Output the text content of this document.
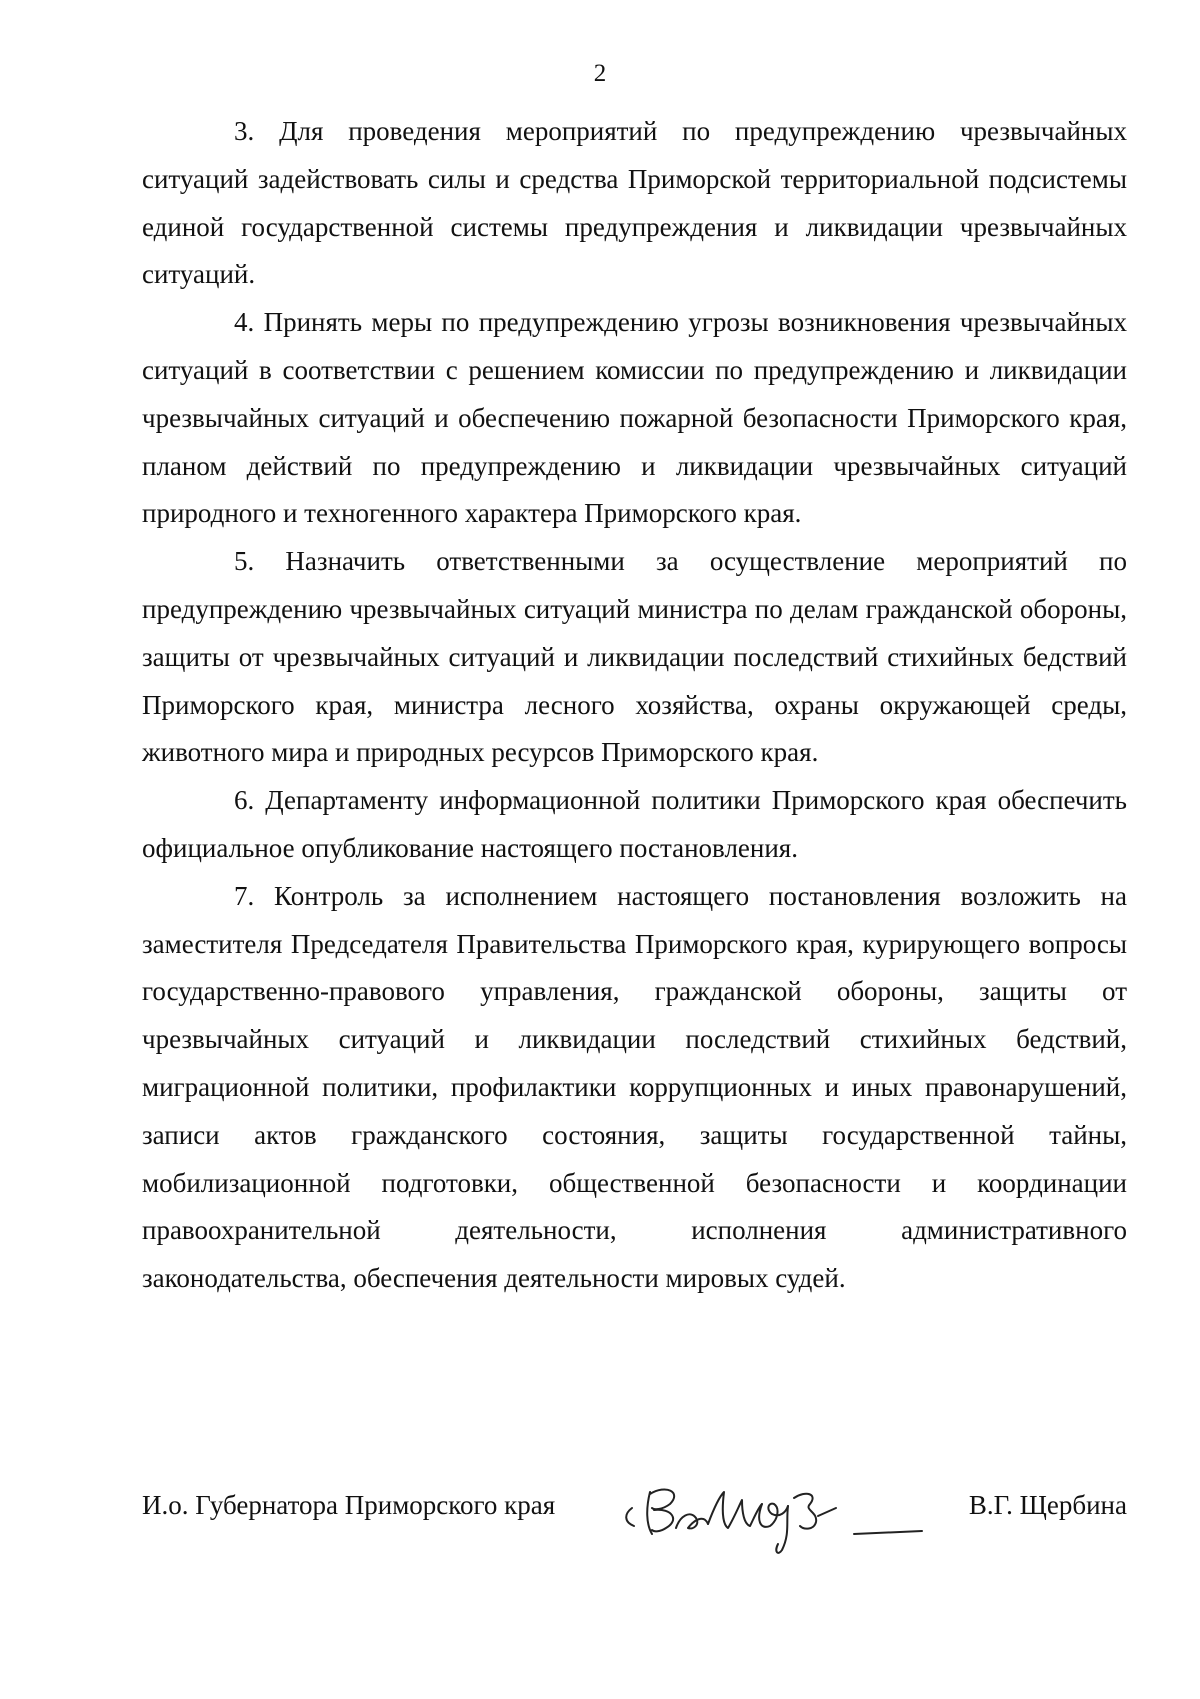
2

3. Для проведения мероприятий по предупреждению чрезвычайных ситуаций задействовать силы и средства Приморской территориальной подсистемы единой государственной системы предупреждения и ликвидации чрезвычайных ситуаций.

4. Принять меры по предупреждению угрозы возникновения чрезвычайных ситуаций в соответствии с решением комиссии по предупреждению и ликвидации чрезвычайных ситуаций и обеспечению пожарной безопасности Приморского края, планом действий по предупреждению и ликвидации чрезвычайных ситуаций природного и техногенного характера Приморского края.

5. Назначить ответственными за осуществление мероприятий по предупреждению чрезвычайных ситуаций министра по делам гражданской обороны, защиты от чрезвычайных ситуаций и ликвидации последствий стихийных бедствий Приморского края, министра лесного хозяйства, охраны окружающей среды, животного мира и природных ресурсов Приморского края.

6. Департаменту информационной политики Приморского края обеспечить официальное опубликование настоящего постановления.

7. Контроль за исполнением настоящего постановления возложить на заместителя Председателя Правительства Приморского края, курирующего вопросы государственно-правового управления, гражданской обороны, защиты от чрезвычайных ситуаций и ликвидации последствий стихийных бедствий, миграционной политики, профилактики коррупционных и иных правонарушений, записи актов гражданского состояния, защиты государственной тайны, мобилизационной подготовки, общественной безопасности и координации правоохранительной деятельности, исполнения административного законодательства, обеспечения деятельности мировых судей.

И.о. Губернатора Приморского края	В.Г. Щербина
